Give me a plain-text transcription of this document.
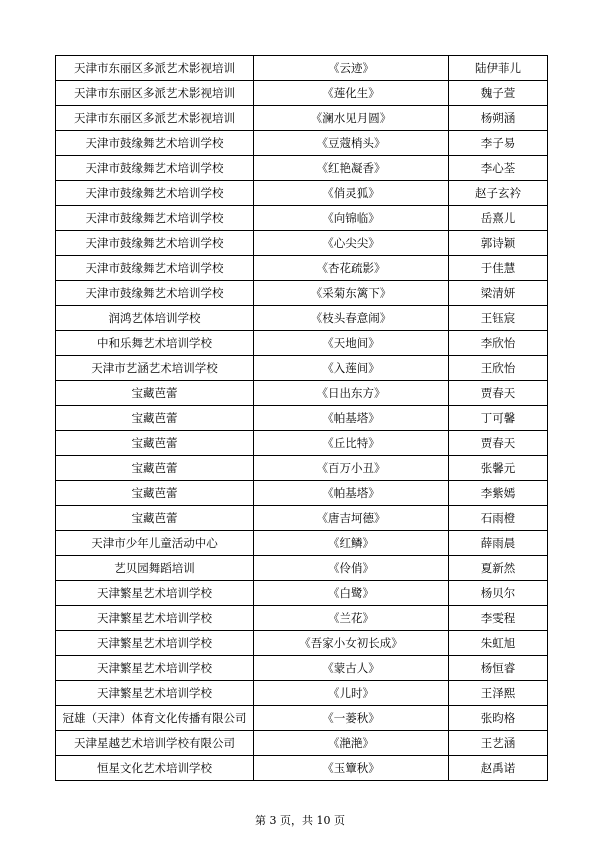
天津市东丽区多派艺术影视培训	《云迹》	陆伊菲儿
天津市东丽区多派艺术影视培训	《莲化生》	魏子萱
天津市东丽区多派艺术影视培训	《澜水见月圆》	杨朔涵
天津市鼓缘舞艺术培训学校	《豆蔻梢头》	李子易
天津市鼓缘舞艺术培训学校	《红艳凝香》	李心荃
天津市鼓缘舞艺术培训学校	《俏灵狐》	赵子玄衿
天津市鼓缘舞艺术培训学校	《向锦临》	岳熹儿
天津市鼓缘舞艺术培训学校	《心尖尖》	郭诗颖
天津市鼓缘舞艺术培训学校	《杏花疏影》	于佳慧
天津市鼓缘舞艺术培训学校	《采菊东篱下》	梁清妍
润鸿艺体培训学校	《枝头春意闹》	王钰宸
中和乐舞艺术培训学校	《天地间》	李欣怡
天津市艺涵艺术培训学校	《入莲间》	王欣怡
宝藏芭蕾	《日出东方》	贾春天
宝藏芭蕾	《帕基塔》	丁可馨
宝藏芭蕾	《丘比特》	贾春天
宝藏芭蕾	《百万小丑》	张馨元
宝藏芭蕾	《帕基塔》	李紫嫣
宝藏芭蕾	《唐吉坷德》	石雨橙
天津市少年儿童活动中心	《红鳞》	薛雨晨
艺贝园舞蹈培训	《伶俏》	夏新然
天津繁星艺术培训学校	《白鹭》	杨贝尔
天津繁星艺术培训学校	《兰花》	李雯程
天津繁星艺术培训学校	《吾家小女初长成》	朱虹旭
天津繁星艺术培训学校	《蒙古人》	杨恒睿
天津繁星艺术培训学校	《儿时》	王泽熙
冠雄（天津）体育文化传播有限公司	《一蒌秋》	张昀格
天津星越艺术培训学校有限公司	《滟滟》	王艺涵
恒星文化艺术培训学校	《玉簟秋》	赵禹诺
第 3 页，共 10 页
